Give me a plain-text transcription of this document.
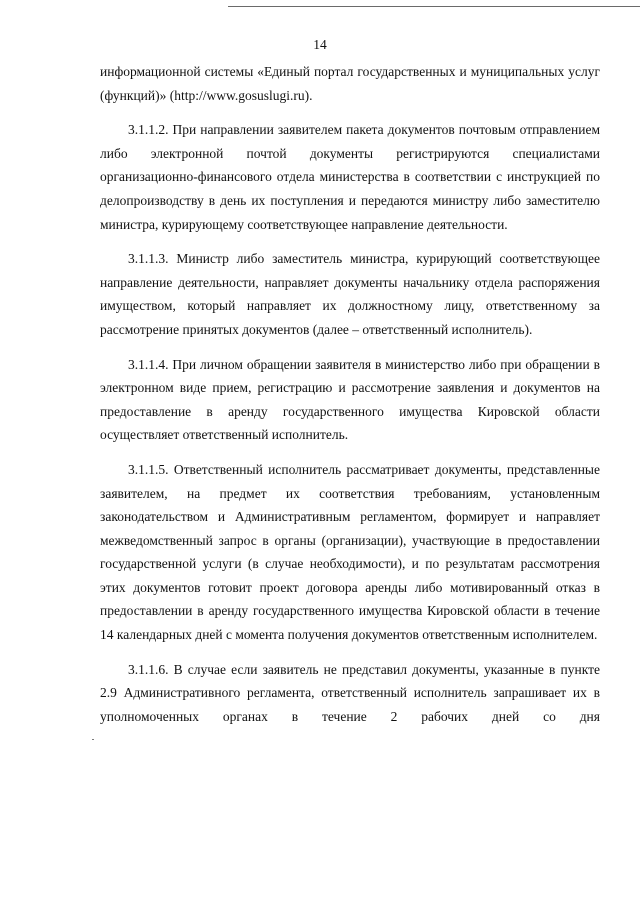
14

информационной системы «Единый портал государственных и муниципальных услуг (функций)» (http://www.gosuslugi.ru).

3.1.1.2. При направлении заявителем пакета документов почтовым отправлением либо электронной почтой документы регистрируются специалистами организационно-финансового отдела министерства в соответствии с инструкцией по делопроизводству в день их поступления и передаются министру либо заместителю министра, курирующему соответствующее направление деятельности.

3.1.1.3. Министр либо заместитель министра, курирующий соответствующее направление деятельности, направляет документы начальнику отдела распоряжения имуществом, который направляет их должностному лицу, ответственному за рассмотрение принятых документов (далее – ответственный исполнитель).

3.1.1.4. При личном обращении заявителя в министерство либо при обращении в электронном виде прием, регистрацию и рассмотрение заявления и документов на предоставление в аренду государственного имущества Кировской области осуществляет ответственный исполнитель.

3.1.1.5. Ответственный исполнитель рассматривает документы, представленные заявителем, на предмет их соответствия требованиям, установленным законодательством и Административным регламентом, формирует и направляет межведомственный запрос в органы (организации), участвующие в предоставлении государственной услуги (в случае необходимости), и по результатам рассмотрения этих документов готовит проект договора аренды либо мотивированный отказ в предоставлении в аренду государственного имущества Кировской области в течение 14 календарных дней с момента получения документов ответственным исполнителем.

3.1.1.6. В случае если заявитель не представил документы, указанные в пункте 2.9 Административного регламента, ответственный исполнитель запрашивает их в уполномоченных органах в течение 2 рабочих дней со дня
